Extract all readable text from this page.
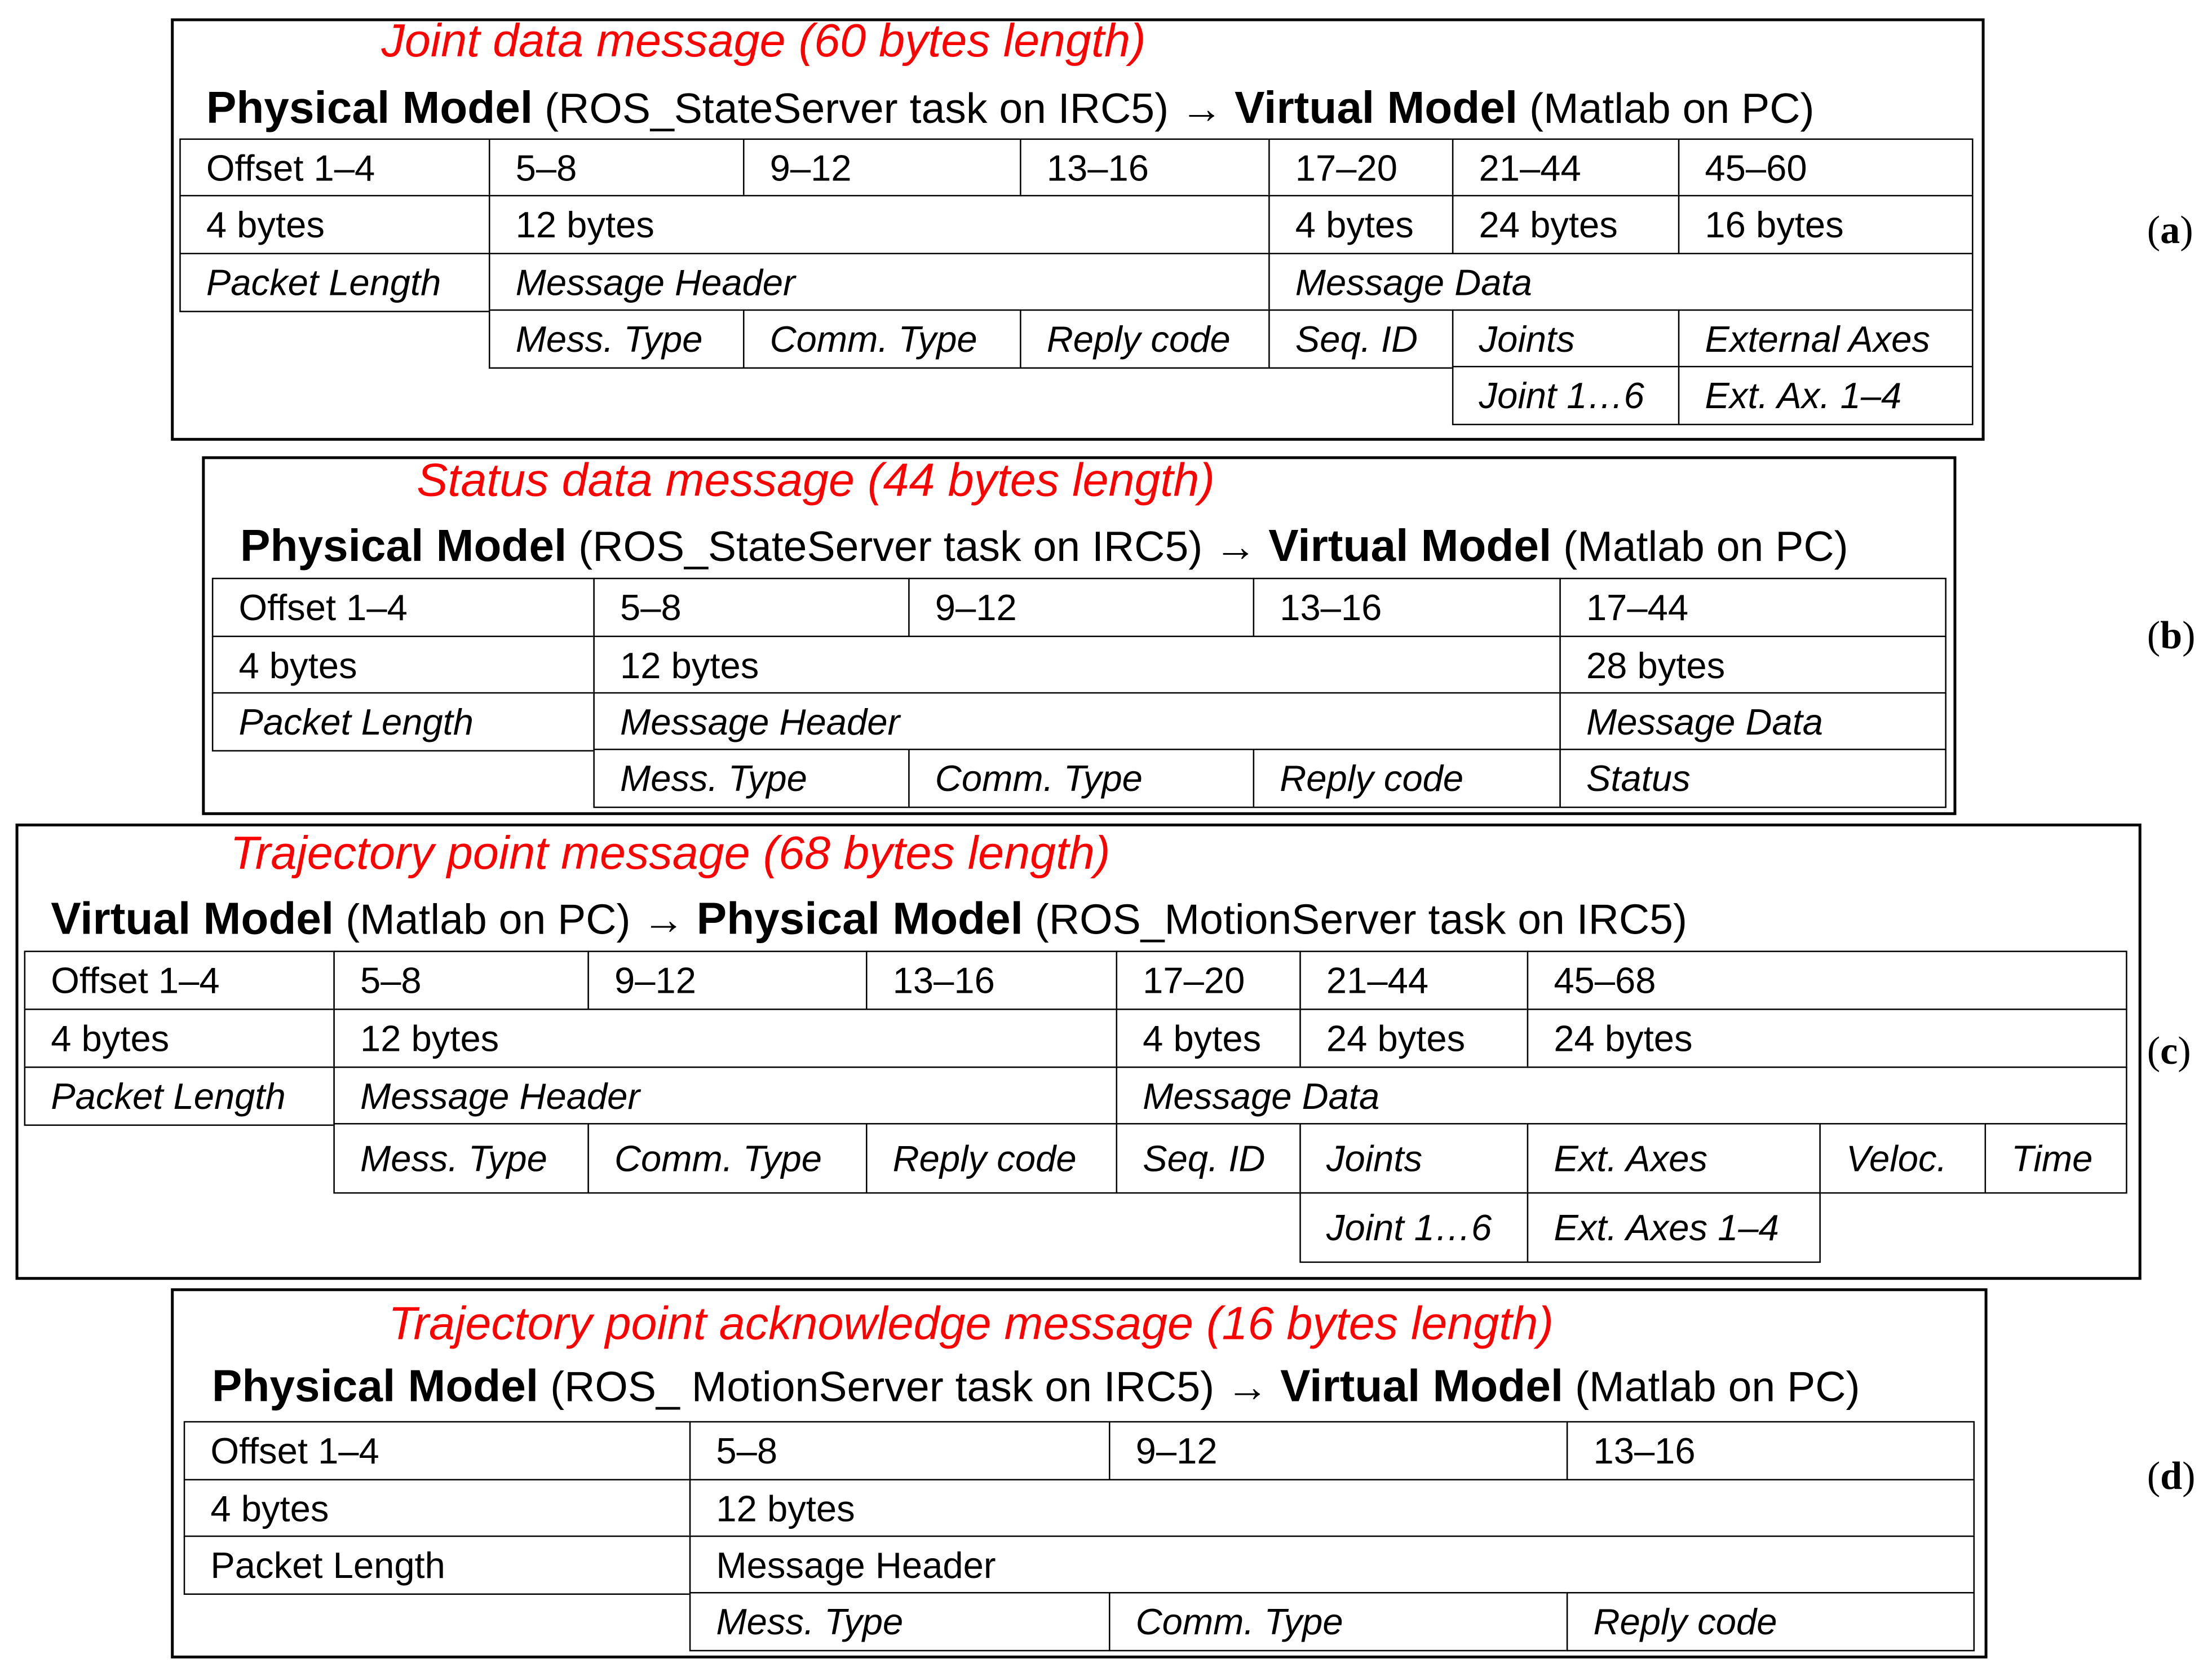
Joint data message (60 bytes length)
Physical Model (ROS_StateServer task on IRC5) → Virtual Model (Matlab on PC)
Offset 1–4	5–8	9–12	13–16	17–20	21–44	45–60
4 bytes	12 bytes	4 bytes	24 bytes	16 bytes
Packet Length	Message Header	Message Data
Mess. Type	Comm. Type	Reply code	Seq. ID	Joints	External Axes
Joint 1…6	Ext. Ax. 1–4
(a)
Status data message (44 bytes length)
Physical Model (ROS_StateServer task on IRC5) → Virtual Model (Matlab on PC)
Offset 1–4	5–8	9–12	13–16	17–44
4 bytes	12 bytes	28 bytes
Packet Length	Message Header	Message Data
Mess. Type	Comm. Type	Reply code	Status
(b)
Trajectory point message (68 bytes length)
Virtual Model (Matlab on PC) → Physical Model (ROS_MotionServer task on IRC5)
Offset 1–4	5–8	9–12	13–16	17–20	21–44	45–68
4 bytes	12 bytes	4 bytes	24 bytes	24 bytes
Packet Length	Message Header	Message Data
Mess. Type	Comm. Type	Reply code	Seq. ID	Joints	Ext. Axes	Veloc.	Time
Joint 1…6	Ext. Axes 1–4
(c)
Trajectory point acknowledge message (16 bytes length)
Physical Model (ROS_ MotionServer task on IRC5) → Virtual Model (Matlab on PC)
Offset 1–4	5–8	9–12	13–16
4 bytes	12 bytes
Packet Length	Message Header
Mess. Type	Comm. Type	Reply code
(d)
